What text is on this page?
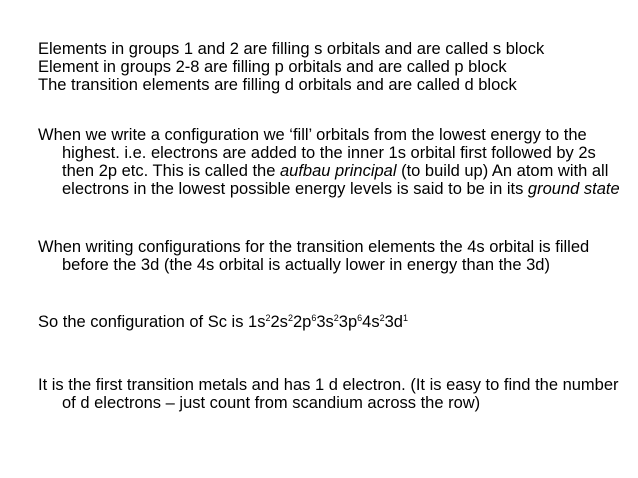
Elements in groups 1 and 2 are filling s orbitals and are called s block
Element in groups 2-8 are filling p orbitals and are called p block
The transition elements are filling d orbitals and are called d block

When we write a configuration we ‘fill’ orbitals from the lowest energy to the highest. i.e. electrons are added to the inner 1s orbital first followed by 2s then 2p etc. This is called the aufbau principal (to build up) An atom with all electrons in the lowest possible energy levels is said to be in its ground state

When writing configurations for the transition elements the 4s orbital is filled before the 3d (the 4s orbital is actually lower in energy than the 3d)

So the configuration of Sc is $1s^22s^22p^63s^23p^64s^23d^1$

It is the first transition metals and has 1 d electron. (It is easy to find the number of d electrons – just count from scandium across the row)
